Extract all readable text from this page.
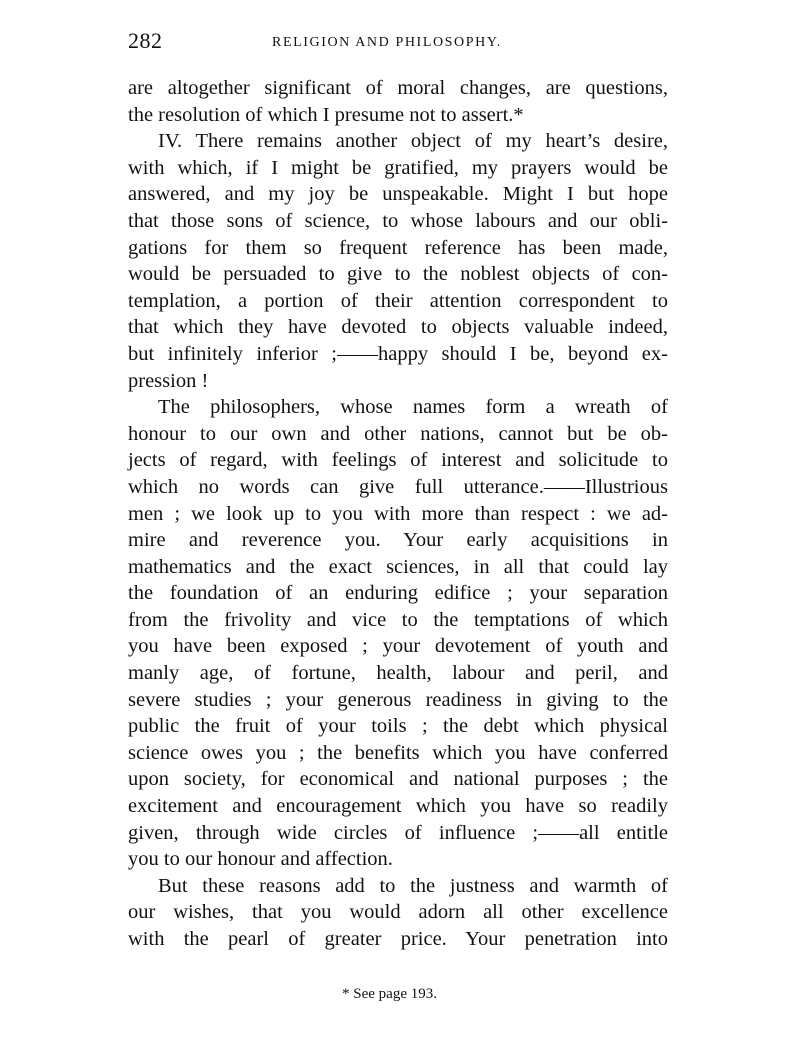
282	RELIGION AND PHILOSOPHY.
are altogether significant of moral changes, are questions,
the resolution of which I presume not to assert.*
IV. There remains another object of my heart’s desire,
with which, if I might be gratified, my prayers would be
answered, and my joy be unspeakable. Might I but hope
that those sons of science, to whose labours and our obli-
gations for them so frequent reference has been made,
would be persuaded to give to the noblest objects of con-
templation, a portion of their attention correspondent to
that which they have devoted to objects valuable indeed,
but infinitely inferior ;——happy should I be, beyond ex-
pression !
The philosophers, whose names form a wreath of
honour to our own and other nations, cannot but be ob-
jects of regard, with feelings of interest and solicitude to
which no words can give full utterance.——Illustrious
men ; we look up to you with more than respect : we ad-
mire and reverence you. Your early acquisitions in
mathematics and the exact sciences, in all that could lay
the foundation of an enduring edifice ; your separation
from the frivolity and vice to the temptations of which
you have been exposed ; your devotement of youth and
manly age, of fortune, health, labour and peril, and
severe studies ; your generous readiness in giving to the
public the fruit of your toils ; the debt which physical
science owes you ; the benefits which you have conferred
upon society, for economical and national purposes ; the
excitement and encouragement which you have so readily
given, through wide circles of influence ;——all entitle
you to our honour and affection.
But these reasons add to the justness and warmth of
our wishes, that you would adorn all other excellence
with the pearl of greater price. Your penetration into
* See page 193.
